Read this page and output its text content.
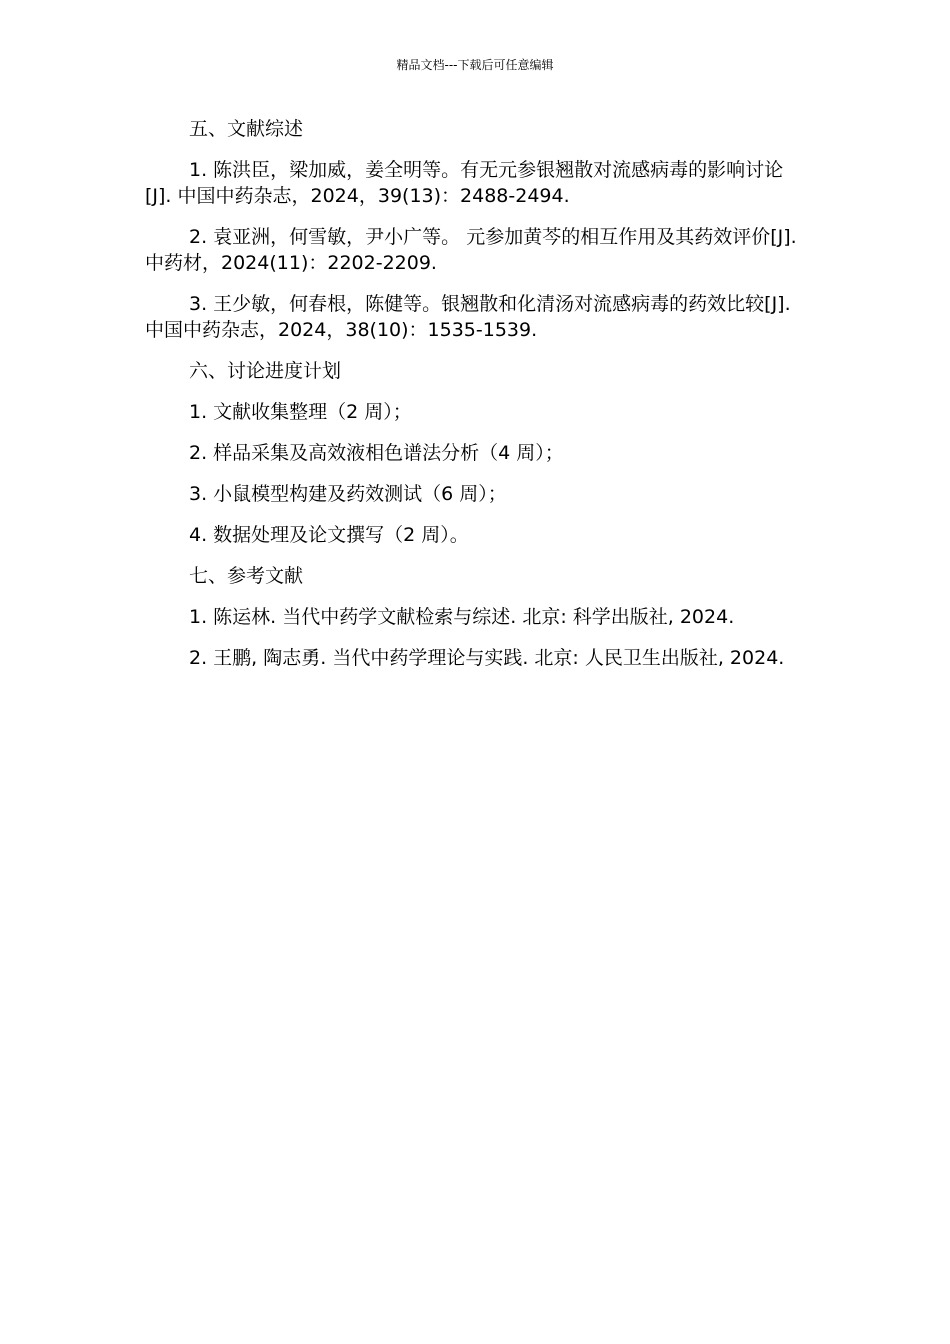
精品文档---下载后可任意编辑

五、文献综述

1. 陈洪臣，梁加威，姜全明等。有无元参银翘散对流感病毒的影响讨论[J]. 中国中药杂志，2024，39(13)：2488-2494.

2. 袁亚洲，何雪敏，尹小广等。 元参加黄芩的相互作用及其药效评价[J]. 中药材，2024(11)：2202-2209.

3. 王少敏，何春根，陈健等。银翘散和化清汤对流感病毒的药效比较[J]. 中国中药杂志，2024，38(10)：1535-1539.

六、讨论进度计划

1. 文献收集整理（2 周）；

2. 样品采集及高效液相色谱法分析（4 周）；

3. 小鼠模型构建及药效测试（6 周）；

4. 数据处理及论文撰写（2 周）。

七、参考文献

1. 陈运林. 当代中药学文献检索与综述. 北京: 科学出版社, 2024.

2. 王鹏, 陶志勇. 当代中药学理论与实践. 北京: 人民卫生出版社, 2024.
